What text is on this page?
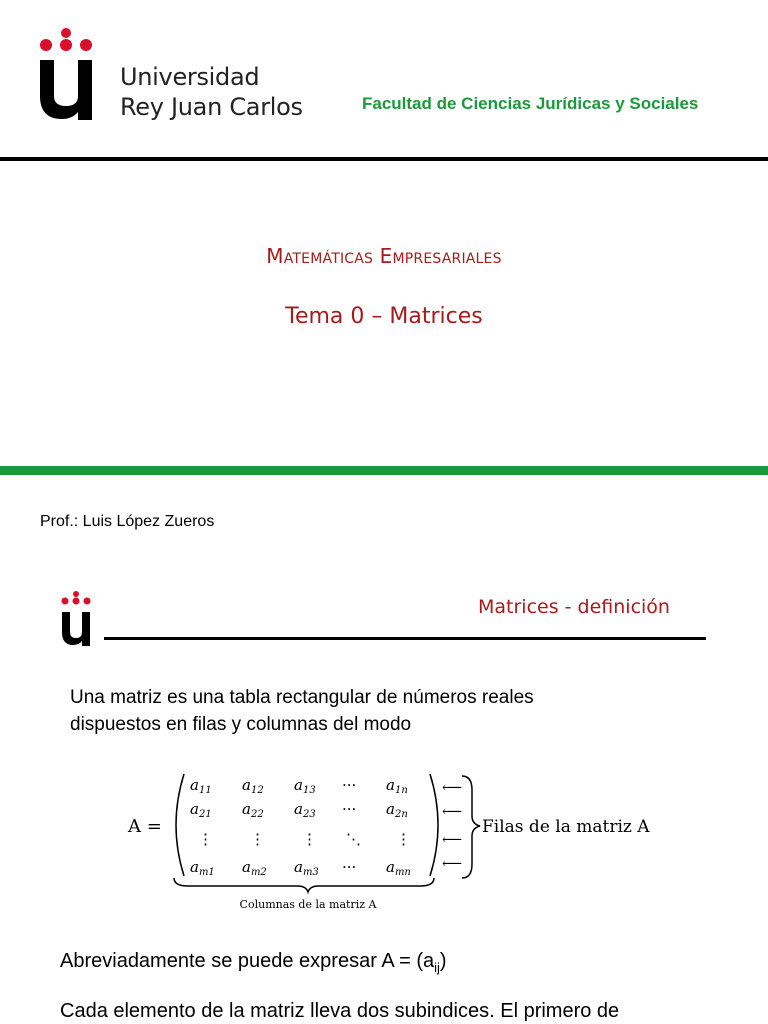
Universidad
Rey Juan Carlos	Facultad de Ciencias Jurídicas y Sociales
Matemáticas Empresariales
Tema 0 – Matrices
Prof.: Luis López Zueros
Matrices - definición
Una matriz es una tabla rectangular de números reales
dispuestos en filas y columnas del modo
A =
$a_{11}$ $a_{12}$ $a_{13}$ ··· $a_{1n}$
$a_{21}$ $a_{22}$ $a_{23}$ ··· $a_{2n}$
⋮ ⋮ ⋮ ⋱ ⋮
$a_{m1}$ $a_{m2}$ $a_{m3}$ ··· $a_{mn}$
⟵
⟵
⟵
⟵
Filas de la matriz A
Columnas de la matriz A
Abreviadamente se puede expresar $A = (a_{ij})$
Cada elemento de la matriz lleva dos subindices. El primero de
